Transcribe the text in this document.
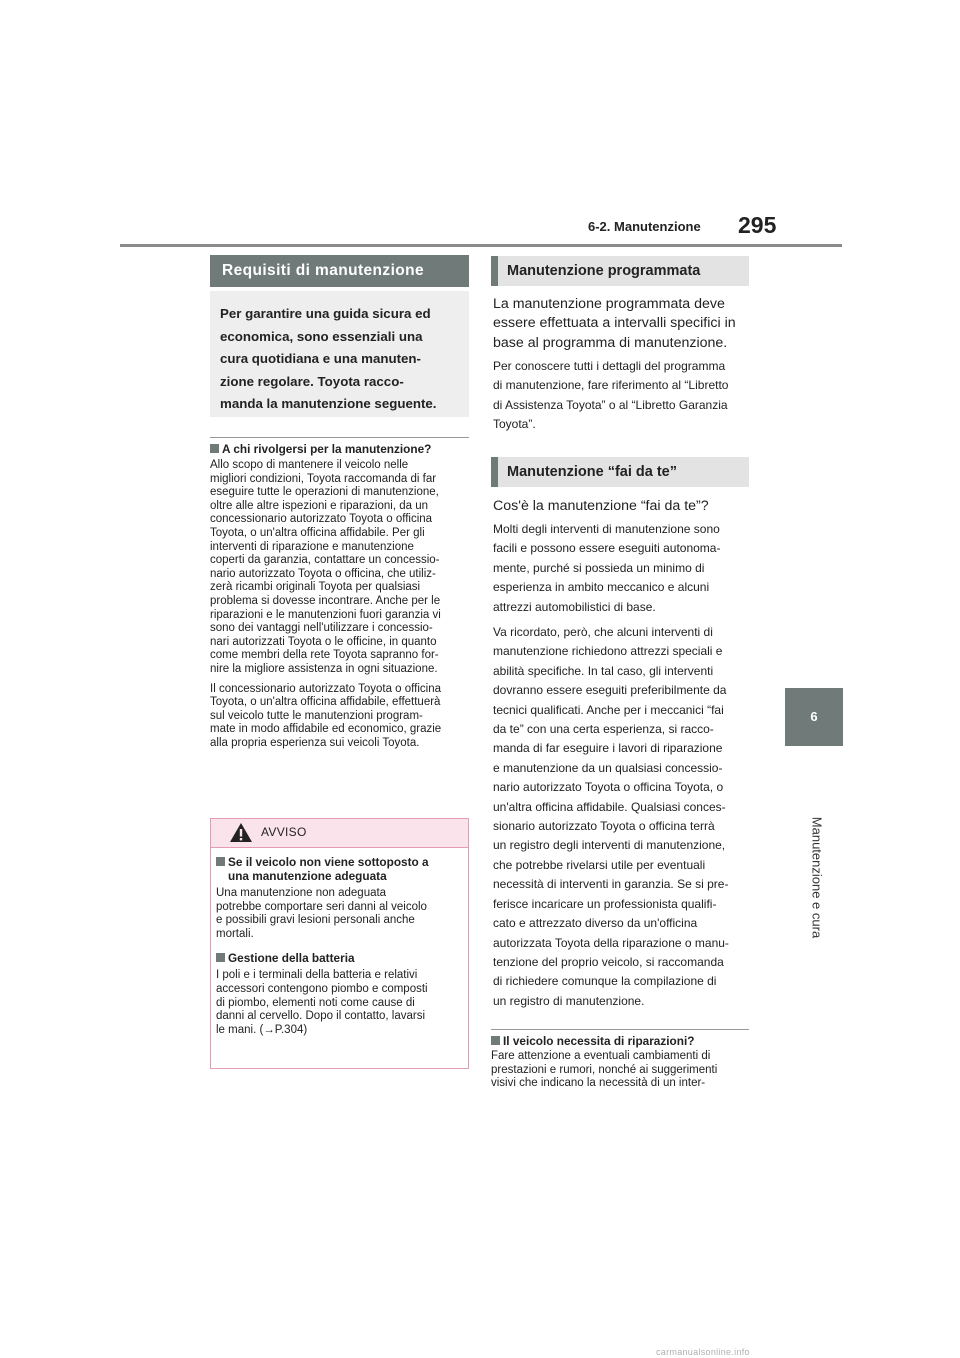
6-2. Manutenzione 295
6
Manutenzione e cura
Requisiti di manutenzione
Per garantire una guida sicura ed
economica, sono essenziali una
cura quotidiana e una manuten-
zione regolare. Toyota racco-
manda la manutenzione seguente.
A chi rivolgersi per la manutenzione?

Allo scopo di mantenere il veicolo nelle
migliori condizioni, Toyota raccomanda di far
eseguire tutte le operazioni di manutenzione,
oltre alle altre ispezioni e riparazioni, da un
concessionario autorizzato Toyota o officina
Toyota, o un'altra officina affidabile. Per gli
interventi di riparazione e manutenzione
coperti da garanzia, contattare un concessio-
nario autorizzato Toyota o officina, che utiliz-
zerà ricambi originali Toyota per qualsiasi
problema si dovesse incontrare. Anche per le
riparazioni e le manutenzioni fuori garanzia vi
sono dei vantaggi nell'utilizzare i concessio-
nari autorizzati Toyota o le officine, in quanto
come membri della rete Toyota sapranno for-
nire la migliore assistenza in ogni situazione.

Il concessionario autorizzato Toyota o officina
Toyota, o un'altra officina affidabile, effettuerà
sul veicolo tutte le manutenzioni program-
mate in modo affidabile ed economico, grazie
alla propria esperienza sui veicoli Toyota.

AVVISO
Se il veicolo non viene sottoposto a
una manutenzione adeguata
Una manutenzione non adeguata
potrebbe comportare seri danni al veicolo
e possibili gravi lesioni personali anche
mortali.
Gestione della batteria
I poli e i terminali della batteria e relativi
accessori contengono piombo e composti
di piombo, elementi noti come cause di
danni al cervello. Dopo il contatto, lavarsi
le mani. (→P.304)
Manutenzione programmata
La manutenzione programmata deve
essere effettuata a intervalli specifici in
base al programma di manutenzione.
Per conoscere tutti i dettagli del programma
di manutenzione, fare riferimento al “Libretto
di Assistenza Toyota” o al “Libretto Garanzia
Toyota”.
Manutenzione “fai da te”
Cos'è la manutenzione “fai da te”?
Molti degli interventi di manutenzione sono
facili e possono essere eseguiti autonoma-
mente, purché si possieda un minimo di
esperienza in ambito meccanico e alcuni
attrezzi automobilistici di base.
Va ricordato, però, che alcuni interventi di
manutenzione richiedono attrezzi speciali e
abilità specifiche. In tal caso, gli interventi
dovranno essere eseguiti preferibilmente da
tecnici qualificati. Anche per i meccanici “fai
da te” con una certa esperienza, si racco-
manda di far eseguire i lavori di riparazione
e manutenzione da un qualsiasi concessio-
nario autorizzato Toyota o officina Toyota, o
un'altra officina affidabile. Qualsiasi conces-
sionario autorizzato Toyota o officina terrà
un registro degli interventi di manutenzione,
che potrebbe rivelarsi utile per eventuali
necessità di interventi in garanzia. Se si pre-
ferisce incaricare un professionista qualifi-
cato e attrezzato diverso da un'officina
autorizzata Toyota della riparazione o manu-
tenzione del proprio veicolo, si raccomanda
di richiedere comunque la compilazione di
un registro di manutenzione.
Il veicolo necessita di riparazioni?
Fare attenzione a eventuali cambiamenti di
prestazioni e rumori, nonché ai suggerimenti
visivi che indicano la necessità di un inter-
carmanualsonline.info
